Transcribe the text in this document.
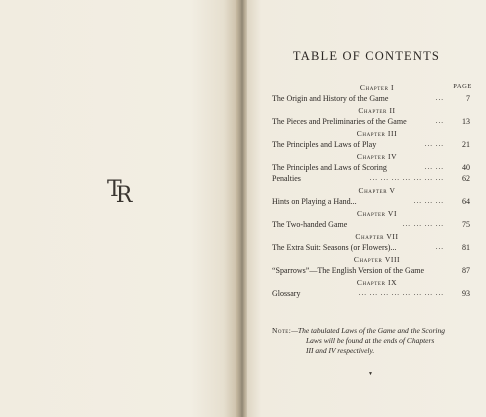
TR
TABLE OF CONTENTS
PAGE
Chapter I
The Origin and History of the Game	...	7
Chapter II
The Pieces and Preliminaries of the Game	... 13
Chapter III
The Principles and Laws of Play	... ... 21
Chapter IV
The Principles and Laws of Scoring	... ... 40
Penalties	... ... ... ... ... ... ... 62
Chapter V
Hints on Playing a Hand...	... ... ... 64
Chapter VI
The Two-handed Game	... ... ... ... 75
Chapter VII
The Extra Suit: Seasons (or Flowers)...	... 81
Chapter VIII
“Sparrows”—The English Version of the Game	87
Chapter IX
Glossary	... ... ... ... ... ... ... ... 93
Note:—The tabulated Laws of the Game and the Scoring
Laws will be found at the ends of Chapters
III and IV respectively.
▼
